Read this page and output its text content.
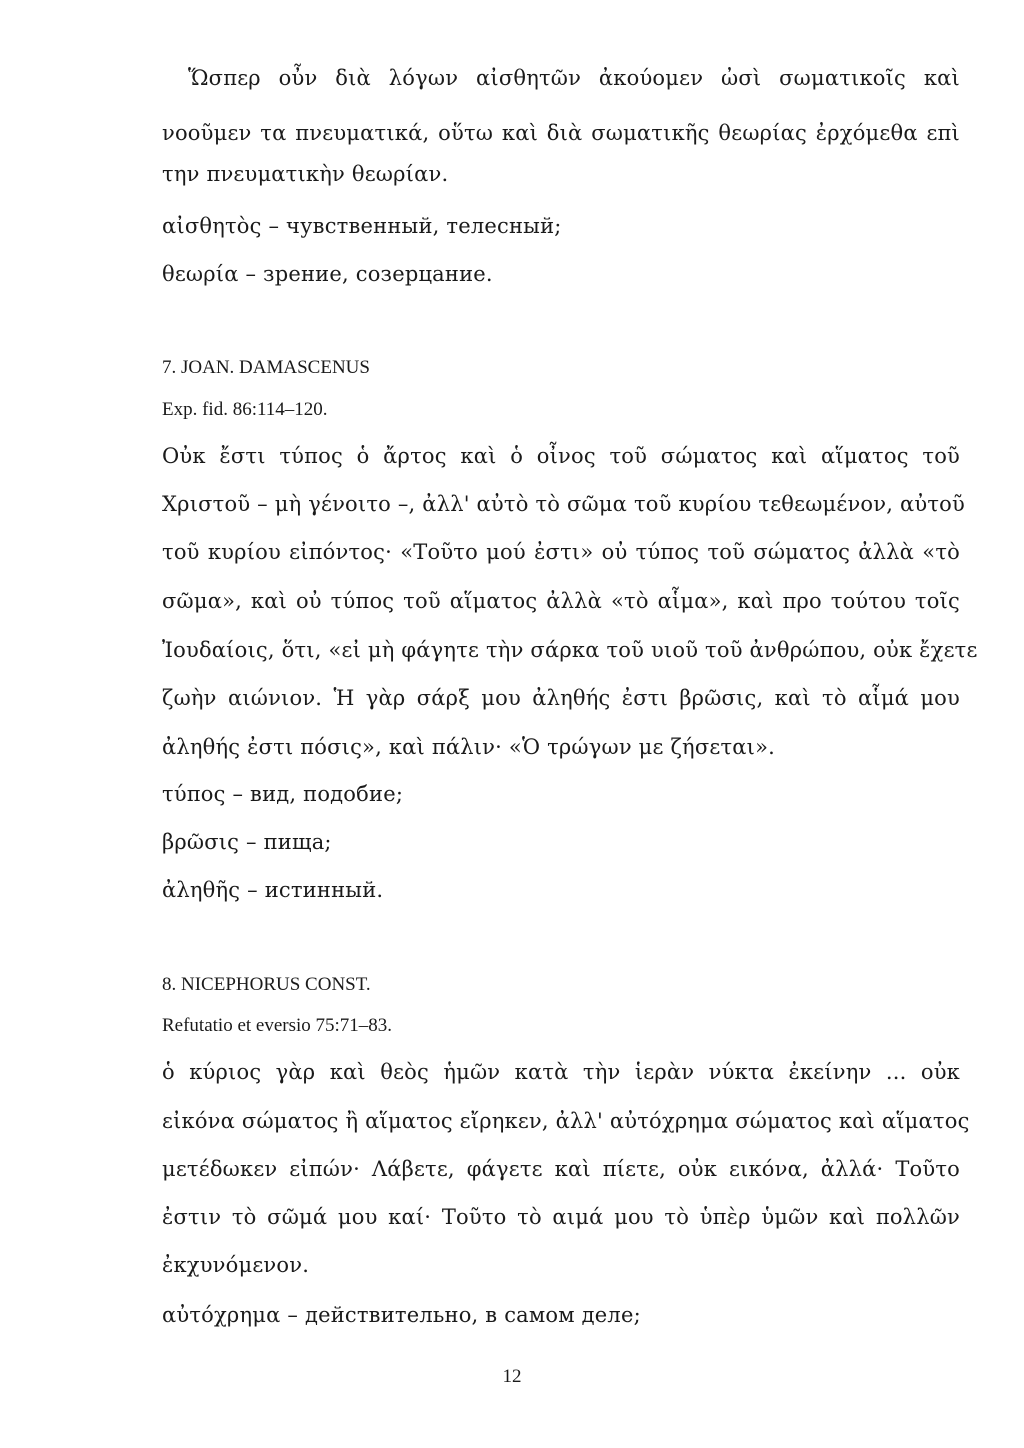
Ὥσπερ οὖν διὰ λόγων αἰσθητῶν ἀκούομεν ὠσὶ σωματικοῖς καὶ
νοοῦμεν τα πνευματικά, οὕτω καὶ διὰ σωματικῆς θεωρίας ἐρχόμεθα επὶ
την πνευματικὴν θεωρίαν.
αἰσθητὸς – чувственный, телесный;
θεωρία – зрение, созерцание.
7. JOAN. DAMASCENUS
Exp. fid. 86:114–120.
Οὐκ ἔστι τύπος ὁ ἄρτος καὶ ὁ οἶνος τοῦ σώματος καὶ αἵματος τοῦ
Χριστοῦ – μὴ γένοιτο –, ἀλλ' αὐτὸ τὸ σῶμα τοῦ κυρίου τεθεωμένον, αὐτοῦ
τοῦ κυρίου εἰπόντος· «Τοῦτο μού ἐστι» οὐ τύπος τοῦ σώματος ἀλλὰ «τὸ
σῶμα», καὶ οὐ τύπος τοῦ αἵματος ἀλλὰ «τὸ αἷμα», καὶ προ τούτου τοῖς
Ἰουδαίοις, ὅτι, «εἰ μὴ φάγητε τὴν σάρκα τοῦ υιοῦ τοῦ ἀνθρώπου, οὐκ ἔχετε
ζωὴν αιώνιον. Ἡ γὰρ σάρξ μου ἀληθής ἐστι βρῶσις, καὶ τὸ αἷμά μου
ἀληθής ἐστι πόσις», καὶ πάλιν· «Ὁ τρώγων με ζήσεται».
τύπος – вид, подобие;
βρῶσις – пища;
ἀληθῆς – истинный.
8. NICEPHORUS CONST.
Refutatio et eversio 75:71–83.
ὁ κύριος γὰρ καὶ θεὸς ἡμῶν κατὰ τὴν ἱερὰν νύκτα ἐκείνην ... οὐκ
εἰκόνα σώματος ἢ αἵματος εἴρηκεν, ἀλλ' αὐτόχρημα σώματος καὶ αἵματος
μετέδωκεν εἰπών· Λάβετε, φάγετε καὶ πίετε, οὐκ εικόνα, ἀλλά· Τοῦτο
ἐστιν τὸ σῶμά μου καί· Τοῦτο τὸ αιμά μου τὸ ὑπὲρ ὑμῶν καὶ πολλῶν
ἐκχυνόμενον.
αὐτόχρημα – действительно, в самом деле;
12
